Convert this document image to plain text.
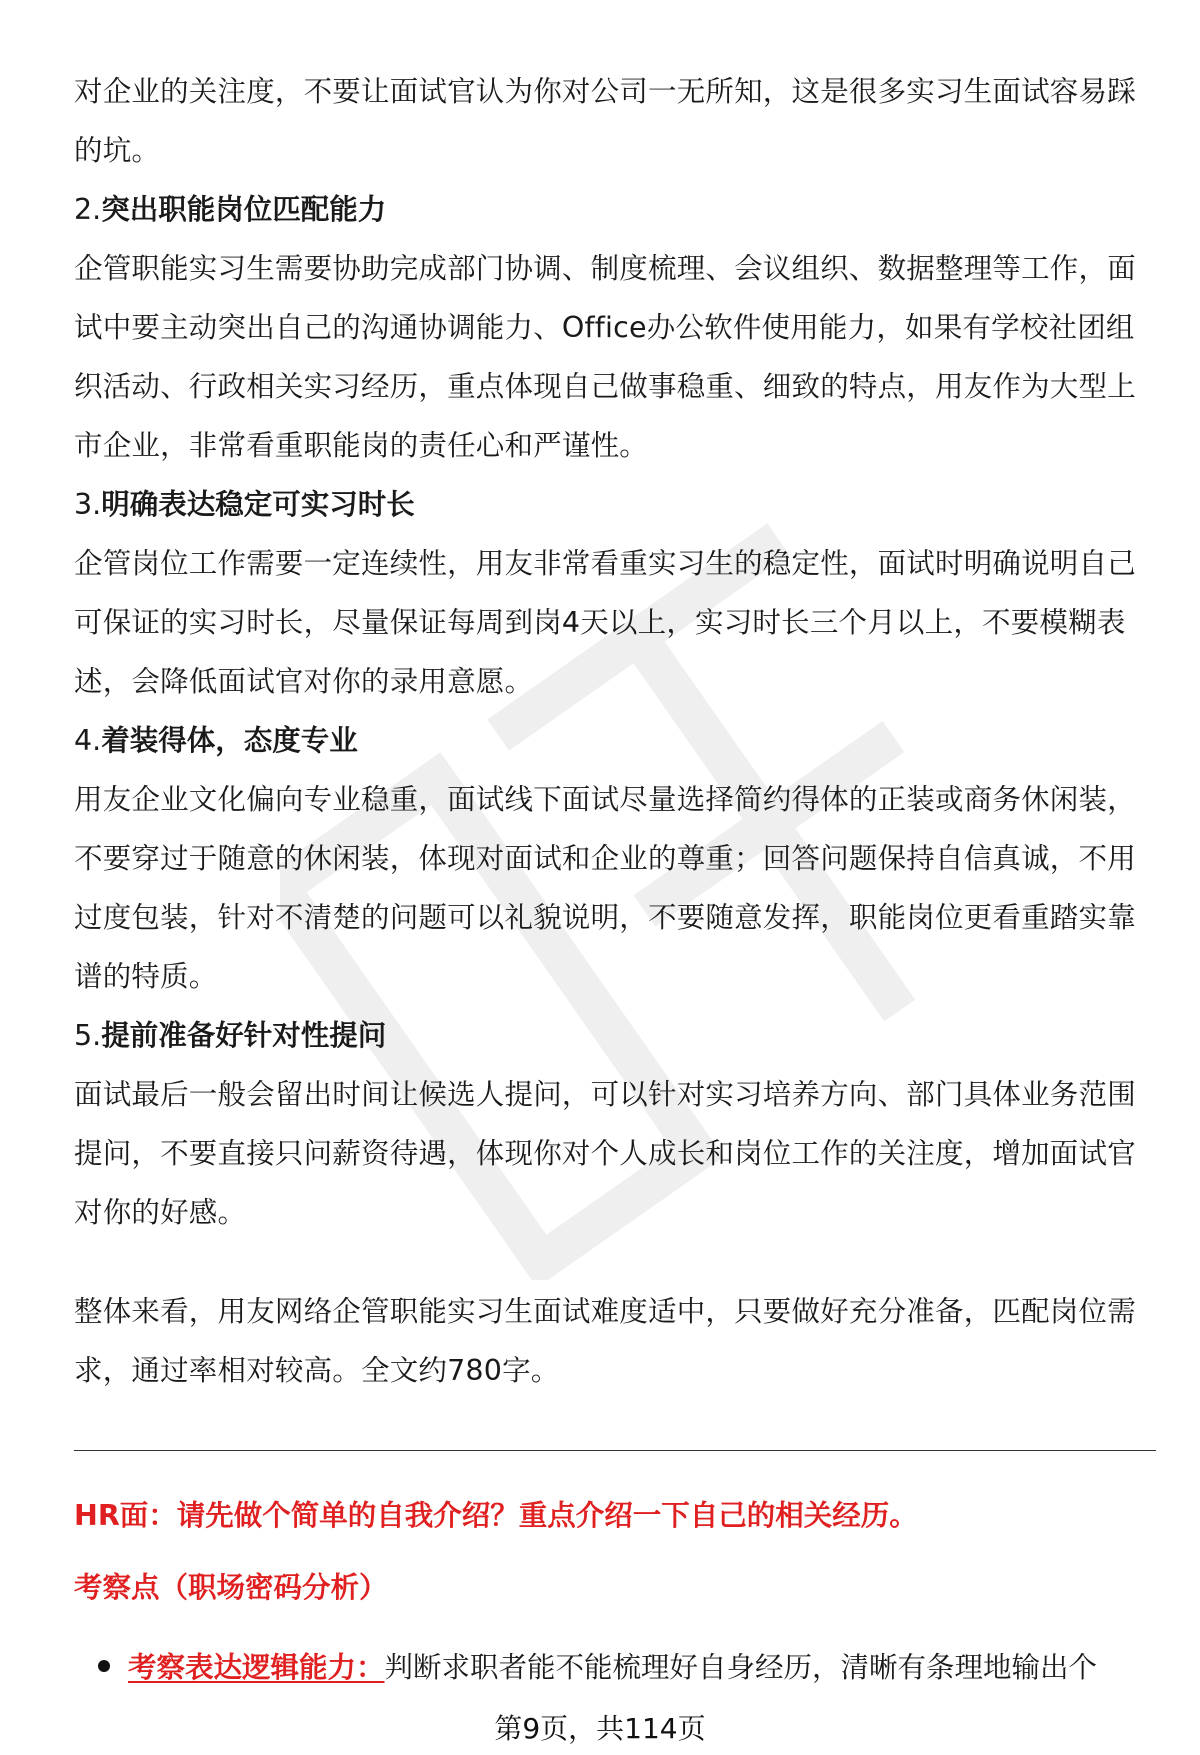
对企业的关注度，不要让面试官认为你对公司一无所知，这是很多实习生面试容易踩的坑。

2.突出职能岗位匹配能力

企管职能实习生需要协助完成部门协调、制度梳理、会议组织、数据整理等工作，面试中要主动突出自己的沟通协调能力、Office办公软件使用能力，如果有学校社团组织活动、行政相关实习经历，重点体现自己做事稳重、细致的特点，用友作为大型上市企业，非常看重职能岗的责任心和严谨性。

3.明确表达稳定可实习时长

企管岗位工作需要一定连续性，用友非常看重实习生的稳定性，面试时明确说明自己可保证的实习时长，尽量保证每周到岗4天以上，实习时长三个月以上，不要模糊表述，会降低面试官对你的录用意愿。

4.着装得体，态度专业

用友企业文化偏向专业稳重，面试线下面试尽量选择简约得体的正装或商务休闲装，不要穿过于随意的休闲装，体现对面试和企业的尊重；回答问题保持自信真诚，不用过度包装，针对不清楚的问题可以礼貌说明，不要随意发挥，职能岗位更看重踏实靠谱的特质。

5.提前准备好针对性提问

面试最后一般会留出时间让候选人提问，可以针对实习培养方向、部门具体业务范围提问，不要直接只问薪资待遇，体现你对个人成长和岗位工作的关注度，增加面试官对你的好感。

整体来看，用友网络企管职能实习生面试难度适中，只要做好充分准备，匹配岗位需求，通过率相对较高。全文约780字。

HR面：请先做个简单的自我介绍？重点介绍一下自己的相关经历。

考察点（职场密码分析）

考察表达逻辑能力：判断求职者能不能梳理好自身经历，清晰有条理地输出个
第9页，共114页
